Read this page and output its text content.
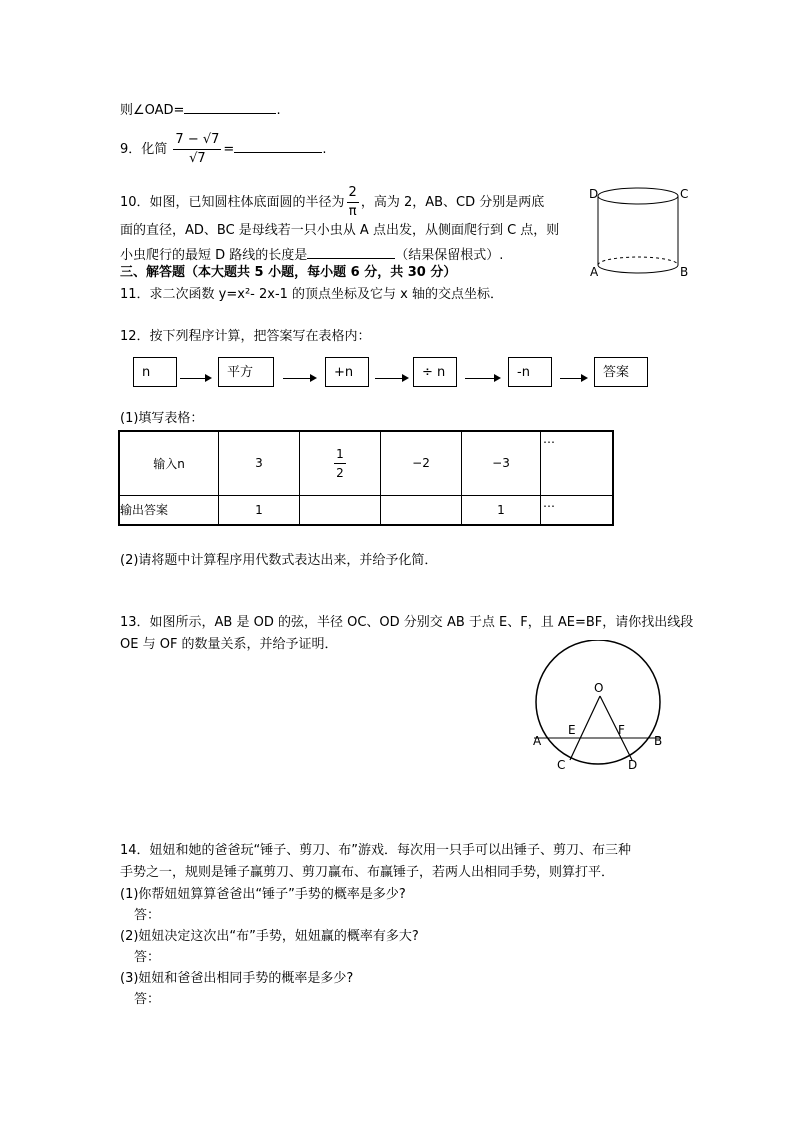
则∠OAD=	.
9．化简 $\frac{7 - √7}{√7}$ =	.
10．如图，已知圆柱体底面圆的半径为 $\frac{2}{\pi}$ ，高为 2，AB、CD 分别是两底
面的直径，AD、BC 是母线若一只小虫从 A 点出发，从侧面爬行到 C 点，则
小虫爬行的最短 D 路线的长度是	（结果保留根式）.
D	C
A	B
三、解答题（本大题共 5 小题，每小题 6 分，共 30 分）
11．求二次函数 y=x²- 2x-1 的顶点坐标及它与 x 轴的交点坐标．
12．按下列程序计算，把答案写在表格内：
n	平方	+n	÷ n	-n	答案
(1)填写表格：
输入n	3	$\frac{1}{2}$	−2	−3	…
输出答案	1			1	…
(2)请将题中计算程序用代数式表达出来，并给予化简．
13．如图所示，AB 是 OD 的弦，半径 OC、OD 分别交 AB 于点 E、F，且 AE=BF，请你找出线段
OE 与 OF 的数量关系，并给予证明．
O
E	F
A	B
C	D
14．妞妞和她的爸爸玩“锤子、剪刀、布”游戏．每次用一只手可以出锤子、剪刀、布三种
手势之一，规则是锤子赢剪刀、剪刀赢布、布赢锤子，若两人出相同手势，则算打平．
(1)你帮妞妞算算爸爸出“锤子”手势的概率是多少?
答：
(2)妞妞决定这次出“布”手势，妞妞赢的概率有多大?
答：
(3)妞妞和爸爸出相同手势的概率是多少?
答：
